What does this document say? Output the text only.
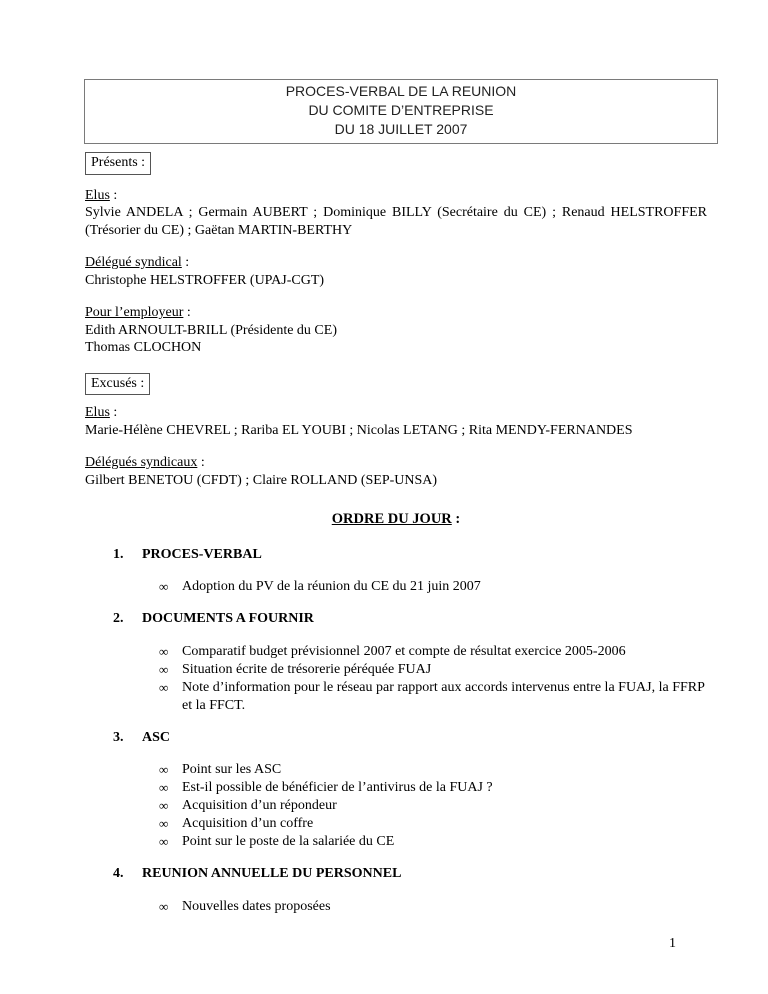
PROCES-VERBAL DE LA REUNION
DU COMITE D’ENTREPRISE
DU 18 JUILLET 2007
Présents :

Elus :

Sylvie ANDELA ; Germain AUBERT ; Dominique BILLY (Secrétaire du CE) ; Renaud HELSTROFFER (Trésorier du CE) ; Gaëtan MARTIN-BERTHY

Délégué syndical :

Christophe HELSTROFFER (UPAJ-CGT)

Pour l’employeur :

Edith ARNOULT-BRILL (Présidente du CE)

Thomas CLOCHON

Excusés :

Elus :

Marie-Hélène CHEVREL ; Rariba EL YOUBI ; Nicolas LETANG ; Rita MENDY-FERNANDES

Délégués syndicaux :

Gilbert BENETOU (CFDT) ; Claire ROLLAND (SEP-UNSA)

ORDRE DU JOUR :
1. PROCES-VERBAL
∞ Adoption du PV de la réunion du CE du 21 juin 2007
2. DOCUMENTS A FOURNIR
∞ Comparatif budget prévisionnel 2007 et compte de résultat exercice 2005-2006
∞ Situation écrite de trésorerie péréquée FUAJ
∞ Note d’information pour le réseau par rapport aux accords intervenus entre la FUAJ, la FFRP et la FFCT.
3. ASC
∞ Point sur les ASC
∞ Est-il possible de bénéficier de l’antivirus de la FUAJ ?
∞ Acquisition d’un répondeur
∞ Acquisition d’un coffre
∞ Point sur le poste de la salariée du CE
4. REUNION ANNUELLE DU PERSONNEL
∞ Nouvelles dates proposées
1
